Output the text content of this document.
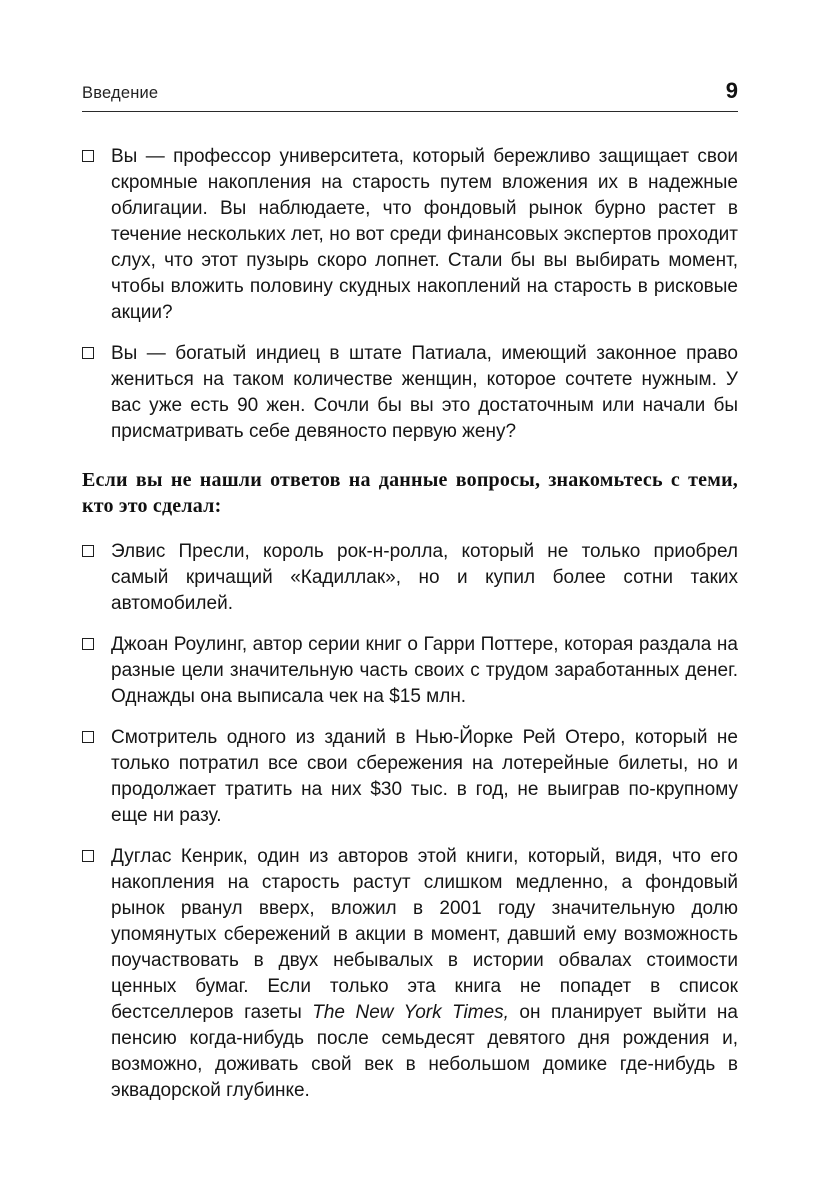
Введение	9

Вы — профессор университета, который бережливо защищает свои скромные накопления на старость путем вложения их в надежные облигации. Вы наблюдаете, что фондовый рынок бурно растет в течение нескольких лет, но вот среди финансовых экспертов проходит слух, что этот пузырь скоро лопнет. Стали бы вы выбирать момент, чтобы вложить половину скудных накоплений на старость в рисковые акции?

Вы — богатый индиец в штате Патиала, имеющий законное право жениться на таком количестве женщин, которое сочтете нужным. У вас уже есть 90 жен. Сочли бы вы это достаточным или начали бы присматривать себе девяносто первую жену?

Если вы не нашли ответов на данные вопросы, знакомьтесь с теми, кто это сделал:

Элвис Пресли, король рок-н-ролла, который не только приобрел самый кричащий «Кадиллак», но и купил более сотни таких автомобилей.

Джоан Роулинг, автор серии книг о Гарри Поттере, которая раздала на разные цели значительную часть своих с трудом заработанных денег. Однажды она выписала чек на $15 млн.

Смотритель одного из зданий в Нью-Йорке Рей Отеро, который не только потратил все свои сбережения на лотерейные билеты, но и продолжает тратить на них $30 тыс. в год, не выиграв по-крупному еще ни разу.

Дуглас Кенрик, один из авторов этой книги, который, видя, что его накопления на старость растут слишком медленно, а фондовый рынок рванул вверх, вложил в 2001 году значительную долю упомянутых сбережений в акции в момент, давший ему возможность поучаствовать в двух небывалых в истории обвалах стоимости ценных бумаг. Если только эта книга не попадет в список бестселлеров газеты The New York Times, он планирует выйти на пенсию когда-нибудь после семьдесят девятого дня рождения и, возможно, доживать свой век в небольшом домике где-нибудь в эквадорской глубинке.
